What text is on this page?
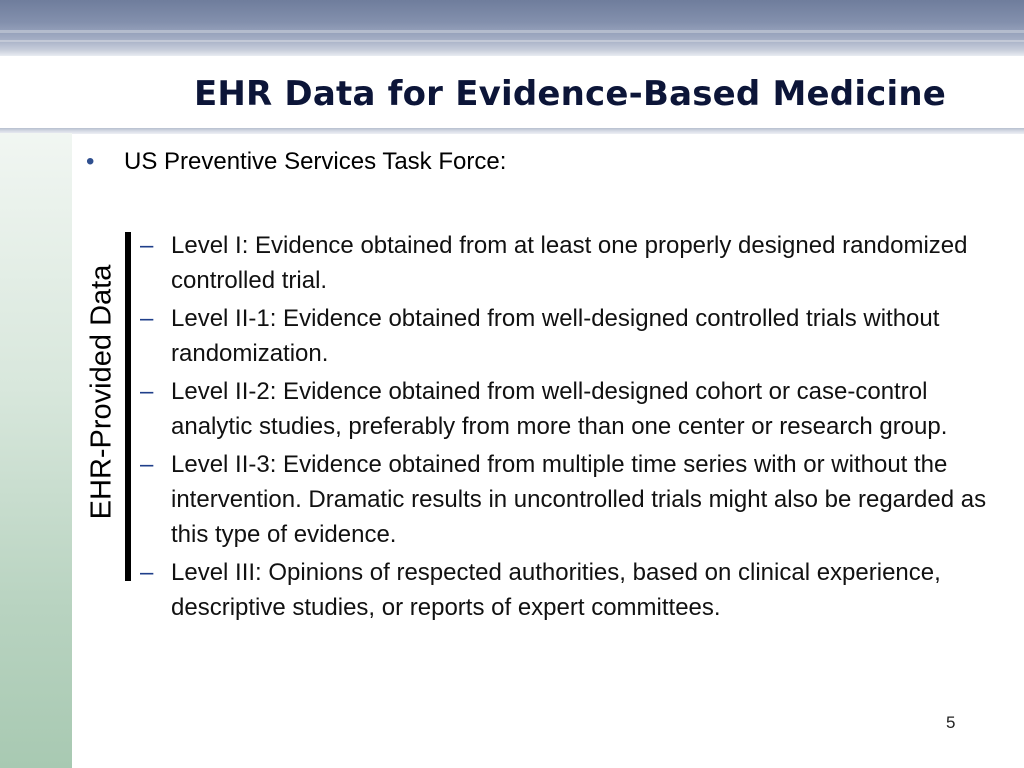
EHR Data for Evidence-Based Medicine
• US Preventive Services Task Force:
EHR-Provided Data
– Level I: Evidence obtained from at least one properly designed randomized controlled trial.
– Level II-1: Evidence obtained from well-designed controlled trials without randomization.
– Level II-2: Evidence obtained from well-designed cohort or case-control analytic studies, preferably from more than one center or research group.
– Level II-3: Evidence obtained from multiple time series with or without the intervention. Dramatic results in uncontrolled trials might also be regarded as this type of evidence.
– Level III: Opinions of respected authorities, based on clinical experience, descriptive studies, or reports of expert committees.
5
